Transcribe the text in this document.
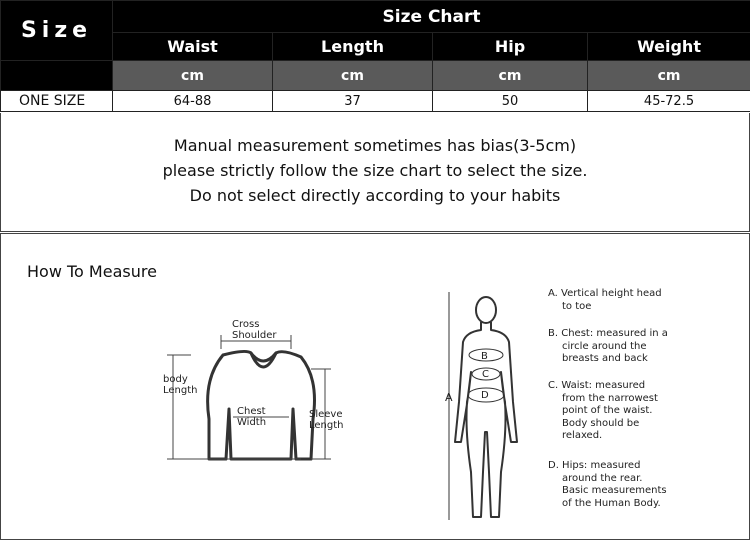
Size	Size Chart			
	Waist	Length	Hip	Weight
	cm	cm	cm	cm
ONE SIZE	64-88	37	50	45-72.5

Manual measurement sometimes has bias(3-5cm)

please strictly follow the size chart to select the size.

Do not select directly according to your habits

How To Measure
Cross
Shoulder
body
Length
Chest
Width
Sleeve
Length
A
B
C
D
A. Vertical height head
to toe
B. Chest: measured in a
circle around the
breasts and back
C. Waist: measured
from the narrowest
point of the waist.
Body should be
relaxed.
D. Hips: measured
around the rear.
Basic measurements
of the Human Body.
